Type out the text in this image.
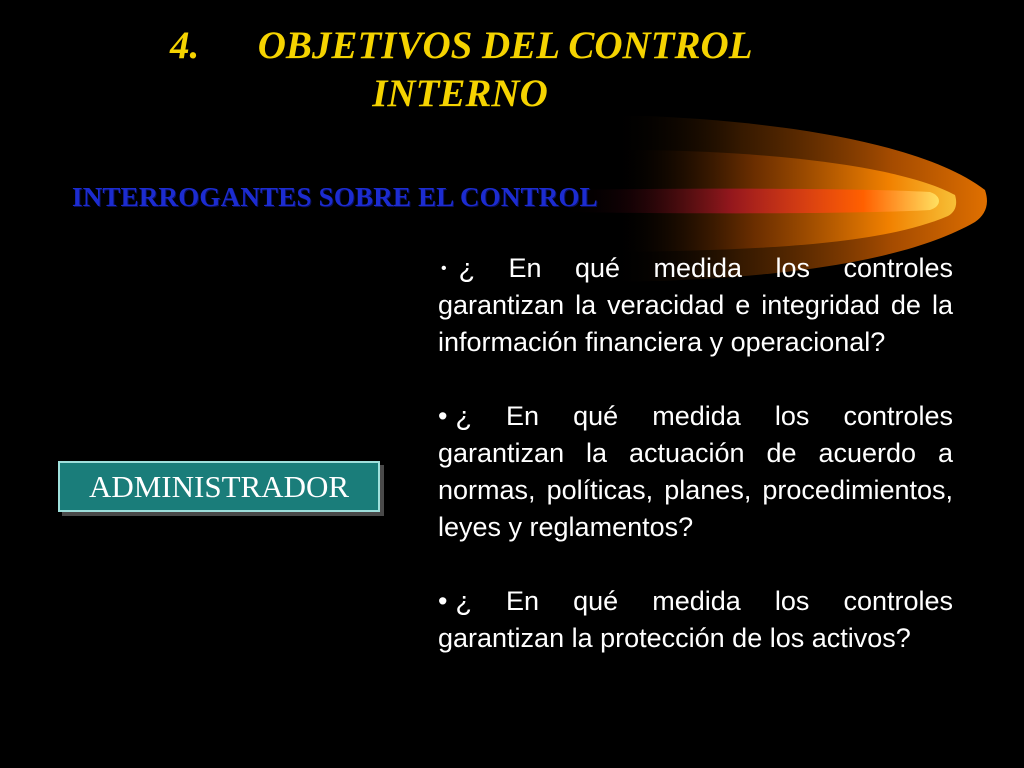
4.      OBJETIVOS DEL CONTROL
INTERNO
INTERROGANTES SOBRE EL CONTROL
ADMINISTRADOR

• ¿ En qué medida los controles garantizan la veracidad e integridad de la información financiera y operacional?

• ¿ En qué medida los controles garantizan la actuación de acuerdo a normas, políticas, planes, procedimientos, leyes y reglamentos?

• ¿ En qué medida los controles garantizan la protección de los activos?
